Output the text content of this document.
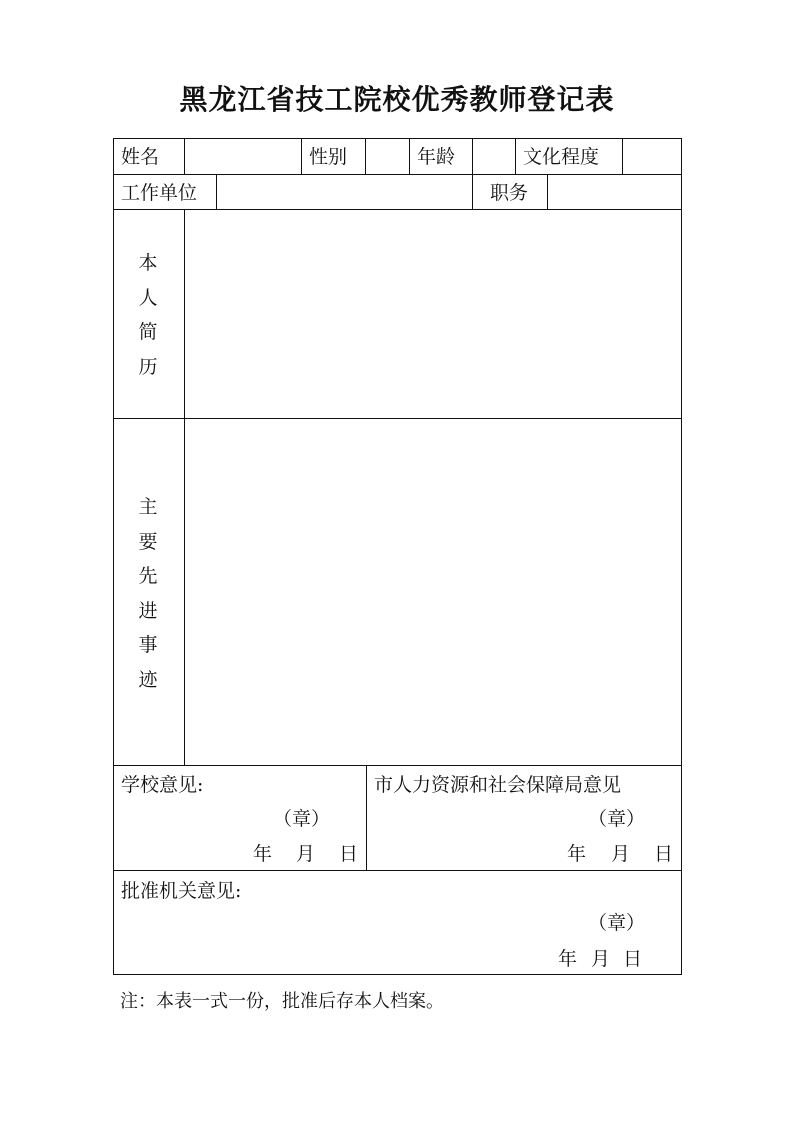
黑龙江省技工院校优秀教师登记表
姓名	性别	年龄	文化程度
工作单位	职务
本
人
简
历
主
要
先
进
事
迹
学校意见:
（章）
年 月 日
市人力资源和社会保障局意见
（章）
年 月 日
批准机关意见:
（章）
年 月 日
注：本表一式一份，批准后存本人档案。
